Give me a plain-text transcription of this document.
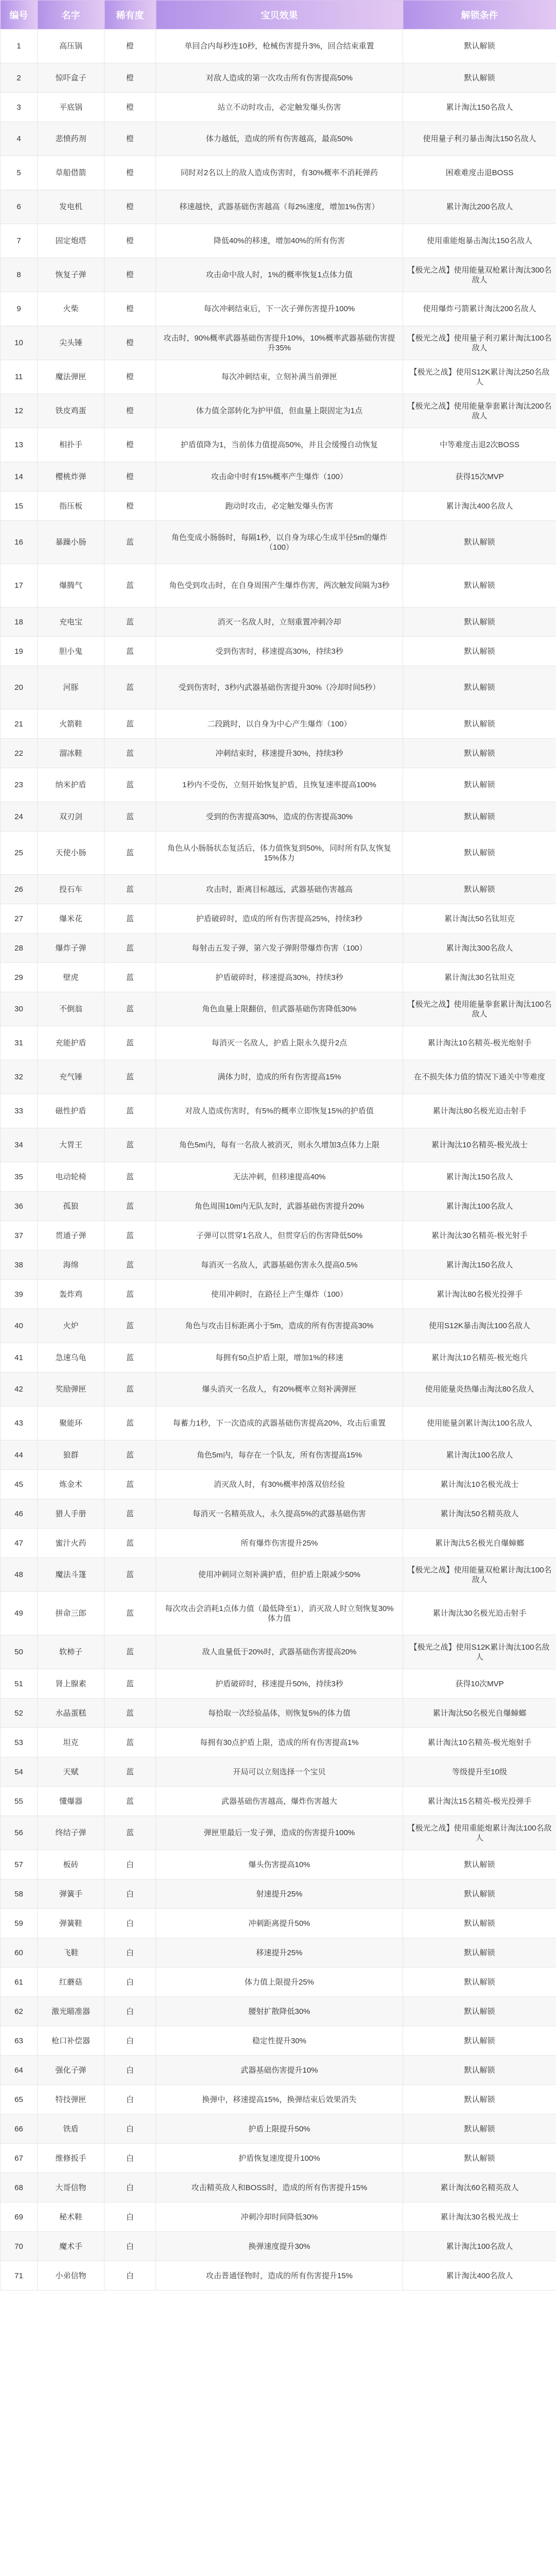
编号	名字	稀有度	宝贝效果	解锁条件
1	高压锅	橙	单回合内每秒连10秒，枪械伤害提升3%，回合结束重置	默认解锁
2	惊吓盒子	橙	对敌人造成的第一次攻击所有伤害提高50%	默认解锁
3	平底锅	橙	站立不动时攻击，必定触发爆头伤害	累计淘汰150名敌人
4	悲愤药剂	橙	体力越低，造成的所有伤害越高，最高50%	使用量子利刃暴击淘汰150名敌人
5	草船借箭	橙	同时对2名以上的敌人造成伤害时，有30%概率不消耗弹药	困难难度击退BOSS
6	发电机	橙	移速越快，武器基础伤害越高（每2%速度，增加1%伤害）	累计淘汰200名敌人
7	固定炮塔	橙	降低40%的移速，增加40%的所有伤害	使用重能炮暴击淘汰150名敌人
8	恢复子弹	橙	攻击命中敌人时，1%的概率恢复1点体力值	【极光之战】使用能量双枪累计淘汰300名敌人
9	火柴	橙	每次冲刺结束后，下一次子弹伤害提升100%	使用爆炸弓箭累计淘汰200名敌人
10	尖头锤	橙	攻击时，90%概率武器基础伤害提升10%，10%概率武器基础伤害提升35%	【极光之战】使用量子利刃累计淘汰100名敌人
11	魔法弹匣	橙	每次冲刺结束，立刻补满当前弹匣	【极光之战】使用S12K累计淘汰250名敌人
12	铁皮鸡蛋	橙	体力值全部转化为护甲值，但血量上限固定为1点	【极光之战】使用能量拳套累计淘汰200名敌人
13	相扑手	橙	护盾值降为1，当前体力值提高50%，并且会缓慢自动恢复	中等难度击退2次BOSS
14	樱桃炸弹	橙	攻击命中时有15%概率产生爆炸（100）	获得15次MVP
15	指压板	橙	跑动时攻击，必定触发爆头伤害	累计淘汰400名敌人
16	暴躁小肠	蓝	角色变成小肠肠时，每隔1秒，以自身为球心生成半径5m的爆炸（100）	默认解锁
17	爆腾气	蓝	角色受到攻击时，在自身周围产生爆炸伤害，两次触发间隔为3秒	默认解锁
18	充电宝	蓝	消灭一名敌人时，立刻重置冲刺冷却	默认解锁
19	胆小鬼	蓝	受到伤害时，移速提高30%，持续3秒	默认解锁
20	河豚	蓝	受到伤害时，3秒内武器基础伤害提升30%（冷却时间5秒）	默认解锁
21	火箭鞋	蓝	二段跳时，以自身为中心产生爆炸（100）	默认解锁
22	溜冰鞋	蓝	冲刺结束时，移速提升30%，持续3秒	默认解锁
23	纳米护盾	蓝	1秒内不受伤，立刻开始恢复护盾，且恢复速率提高100%	默认解锁
24	双刃剑	蓝	受到的伤害提高30%，造成的伤害提高30%	默认解锁
25	天使小肠	蓝	角色从小肠肠状态复活后，体力值恢复到50%，同时所有队友恢复15%体力	默认解锁
26	投石车	蓝	攻击时，距离目标越远，武器基础伤害越高	默认解锁
27	爆米花	蓝	护盾破碎时，造成的所有伤害提高25%，持续3秒	累计淘汰50名钛坦克
28	爆炸子弹	蓝	每射击五发子弹，第六发子弹附带爆炸伤害（100）	累计淘汰300名敌人
29	壁虎	蓝	护盾破碎时，移速提高30%，持续3秒	累计淘汰30名钛坦克
30	不倒翁	蓝	角色血量上限翻倍，但武器基础伤害降低30%	【极光之战】使用能量拳套累计淘汰100名敌人
31	充能护盾	蓝	每消灭一名敌人，护盾上限永久提升2点	累计淘汰10名精英-极光炮射手
32	充气锤	蓝	满体力时，造成的所有伤害提高15%	在不损失体力值的情况下通关中等难度
33	磁性护盾	蓝	对敌人造成伤害时，有5%的概率立即恢复15%的护盾值	累计淘汰80名极光迫击射手
34	大胃王	蓝	角色5m内，每有一名敌人被消灭，则永久增加3点体力上限	累计淘汰10名精英-极光战士
35	电动轮椅	蓝	无法冲刺，但移速提高40%	累计淘汰150名敌人
36	孤狼	蓝	角色周围10m内无队友时，武器基础伤害提升20%	累计淘汰100名敌人
37	贯通子弹	蓝	子弹可以贯穿1名敌人，但贯穿后的伤害降低50%	累计淘汰30名精英-极光射手
38	海绵	蓝	每消灭一名敌人，武器基础伤害永久提高0.5%	累计淘汰150名敌人
39	轰炸鸡	蓝	使用冲刺时，在路径上产生爆炸（100）	累计淘汰80名极光投弹手
40	火炉	蓝	角色与攻击目标距离小于5m，造成的所有伤害提高30%	使用S12K暴击淘汰100名敌人
41	急速乌龟	蓝	每拥有50点护盾上限，增加1%的移速	累计淘汰10名精英-极光炮兵
42	奖励弹匣	蓝	爆头消灭一名敌人，有20%概率立刻补满弹匣	使用能量炎热爆击淘汰80名敌人
43	聚能环	蓝	每蓄力1秒，下一次造成的武器基础伤害提高20%，攻击后重置	使用能量剑累计淘汰100名敌人
44	狼群	蓝	角色5m内，每存在一个队友，所有伤害提高15%	累计淘汰100名敌人
45	炼金术	蓝	消灭敌人时，有30%概率掉落双倍经验	累计淘汰10名极光战士
46	猎人手册	蓝	每消灭一名精英敌人，永久提高5%的武器基础伤害	累计淘汰50名精英敌人
47	蜜汁火药	蓝	所有爆炸伤害提升25%	累计淘汰5名极光自爆蟑螂
48	魔法斗篷	蓝	使用冲刺同立刻补满护盾，但护盾上限减少50%	【极光之战】使用能量双枪累计淘汰100名敌人
49	拼命三郎	蓝	每次攻击会消耗1点体力值（最低降至1），消灭敌人时立刻恢复30%体力值	累计淘汰30名极光迫击射手
50	软柿子	蓝	敌人血量低于20%时，武器基础伤害提高20%	【极光之战】使用S12K累计淘汰100名敌人
51	肾上腺素	蓝	护盾破碎时，移速提升50%，持续3秒	获得10次MVP
52	水晶蛋糕	蓝	每拾取一次经验晶体，则恢复5%的体力值	累计淘汰50名极光自爆蟑螂
53	坦克	蓝	每拥有30点护盾上限，造成的所有伤害提高1%	累计淘汰10名精英-极光炮射手
54	天赋	蓝	开局可以立刻选择一个宝贝	等级提升至10级
55	懂爆器	蓝	武器基础伤害越高，爆炸伤害越大	累计淘汰15名精英-极光投弹手
56	终结子弹	蓝	弹匣里最后一发子弹，造成的伤害提升100%	【极光之战】使用重能炮累计淘汰100名敌人
57	板砖	白	爆头伤害提高10%	默认解锁
58	弹簧手	白	射速提升25%	默认解锁
59	弹簧鞋	白	冲刺距离提升50%	默认解锁
60	飞鞋	白	移速提升25%	默认解锁
61	红蘑菇	白	体力值上限提升25%	默认解锁
62	激光瞄准器	白	腰射扩散降低30%	默认解锁
63	枪口补偿器	白	稳定性提升30%	默认解锁
64	强化子弹	白	武器基础伤害提升10%	默认解锁
65	特技弹匣	白	换弹中，移速提高15%，换弹结束后效果消失	默认解锁
66	铁盾	白	护盾上限提升50%	默认解锁
67	维修扳手	白	护盾恢复速度提升100%	默认解锁
68	大哥信物	白	攻击精英敌人和BOSS时，造成的所有伤害提升15%	累计淘汰60名精英敌人
69	秘术鞋	白	冲刺冷却时间降低30%	累计淘汰30名极光战士
70	魔术手	白	换弹速度提升30%	累计淘汰100名敌人
71	小弟信物	白	攻击普通怪物时，造成的所有伤害提升15%	累计淘汰400名敌人
